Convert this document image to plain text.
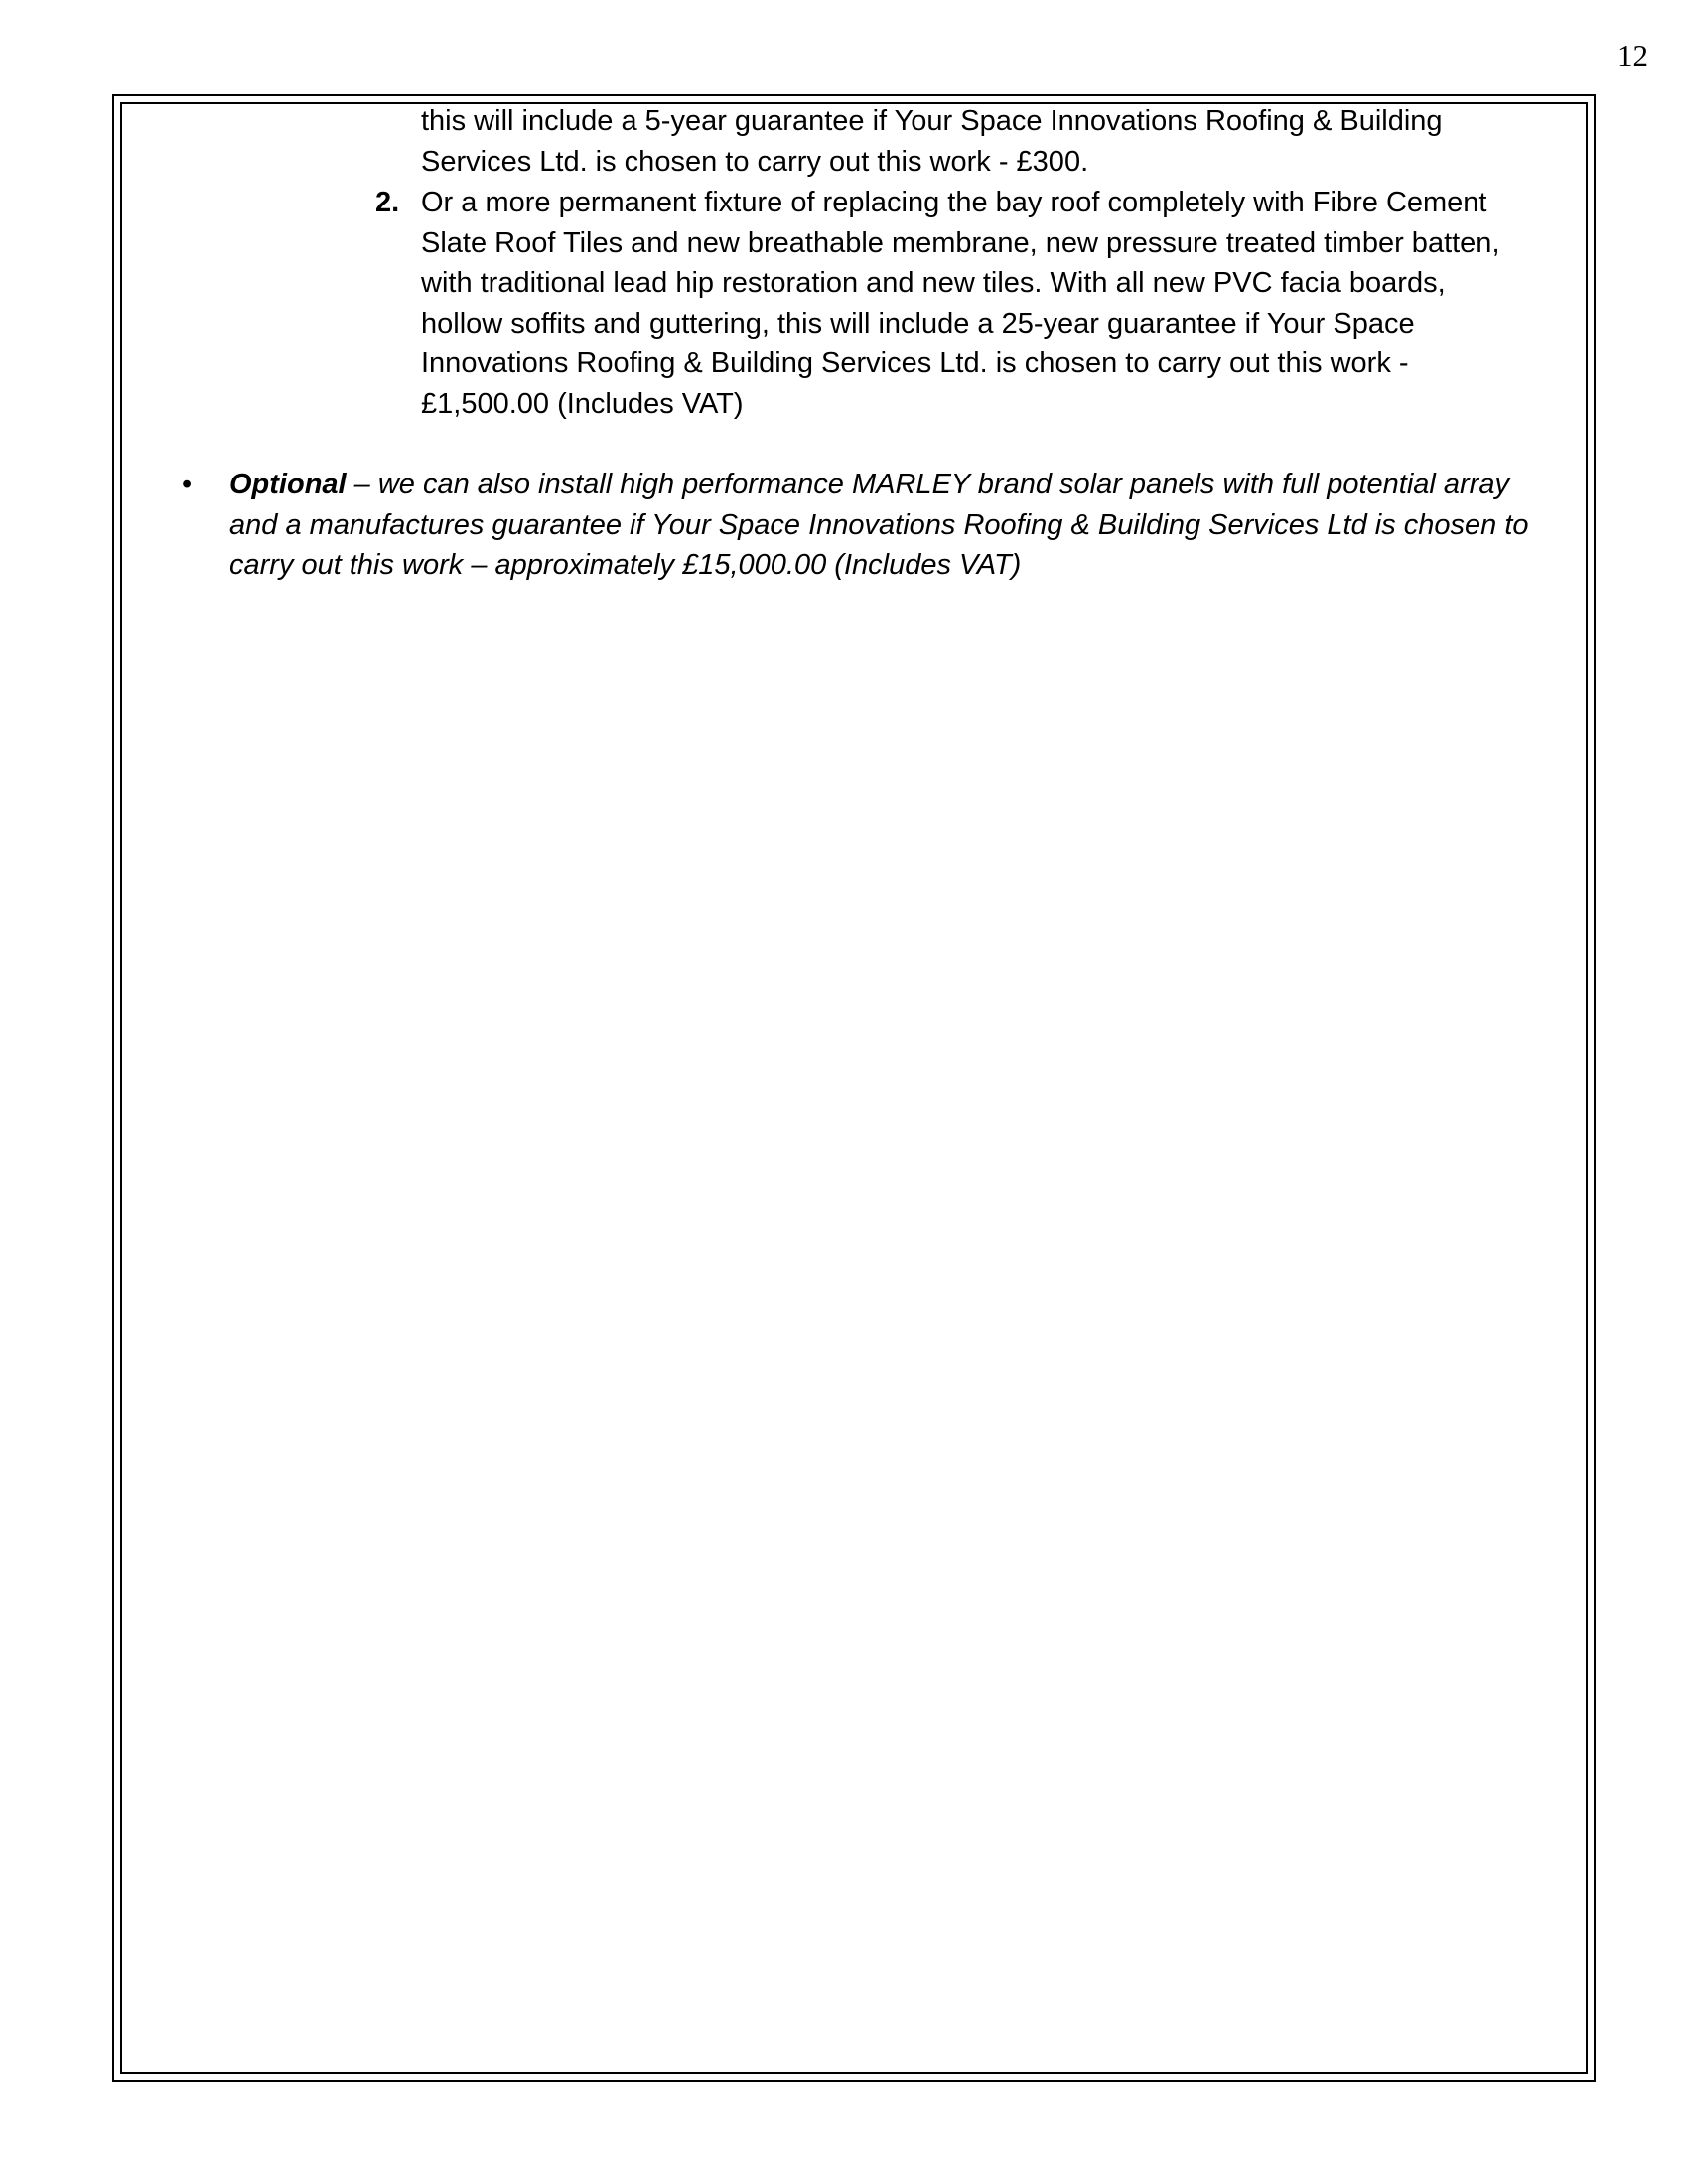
12
this will include a 5-year guarantee if Your Space Innovations Roofing & Building
Services Ltd. is chosen to carry out this work - £300.
2. Or a more permanent fixture of replacing the bay roof completely with Fibre Cement
Slate Roof Tiles and new breathable membrane, new pressure treated timber batten,
with traditional lead hip restoration and new tiles. With all new PVC facia boards,
hollow soffits and guttering, this will include a 25-year guarantee if Your Space
Innovations Roofing & Building Services Ltd. is chosen to carry out this work -
£1,500.00 (Includes VAT)
• Optional – we can also install high performance MARLEY brand solar panels with full potential array
and a manufactures guarantee if Your Space Innovations Roofing & Building Services Ltd is chosen to
carry out this work – approximately £15,000.00 (Includes VAT)
